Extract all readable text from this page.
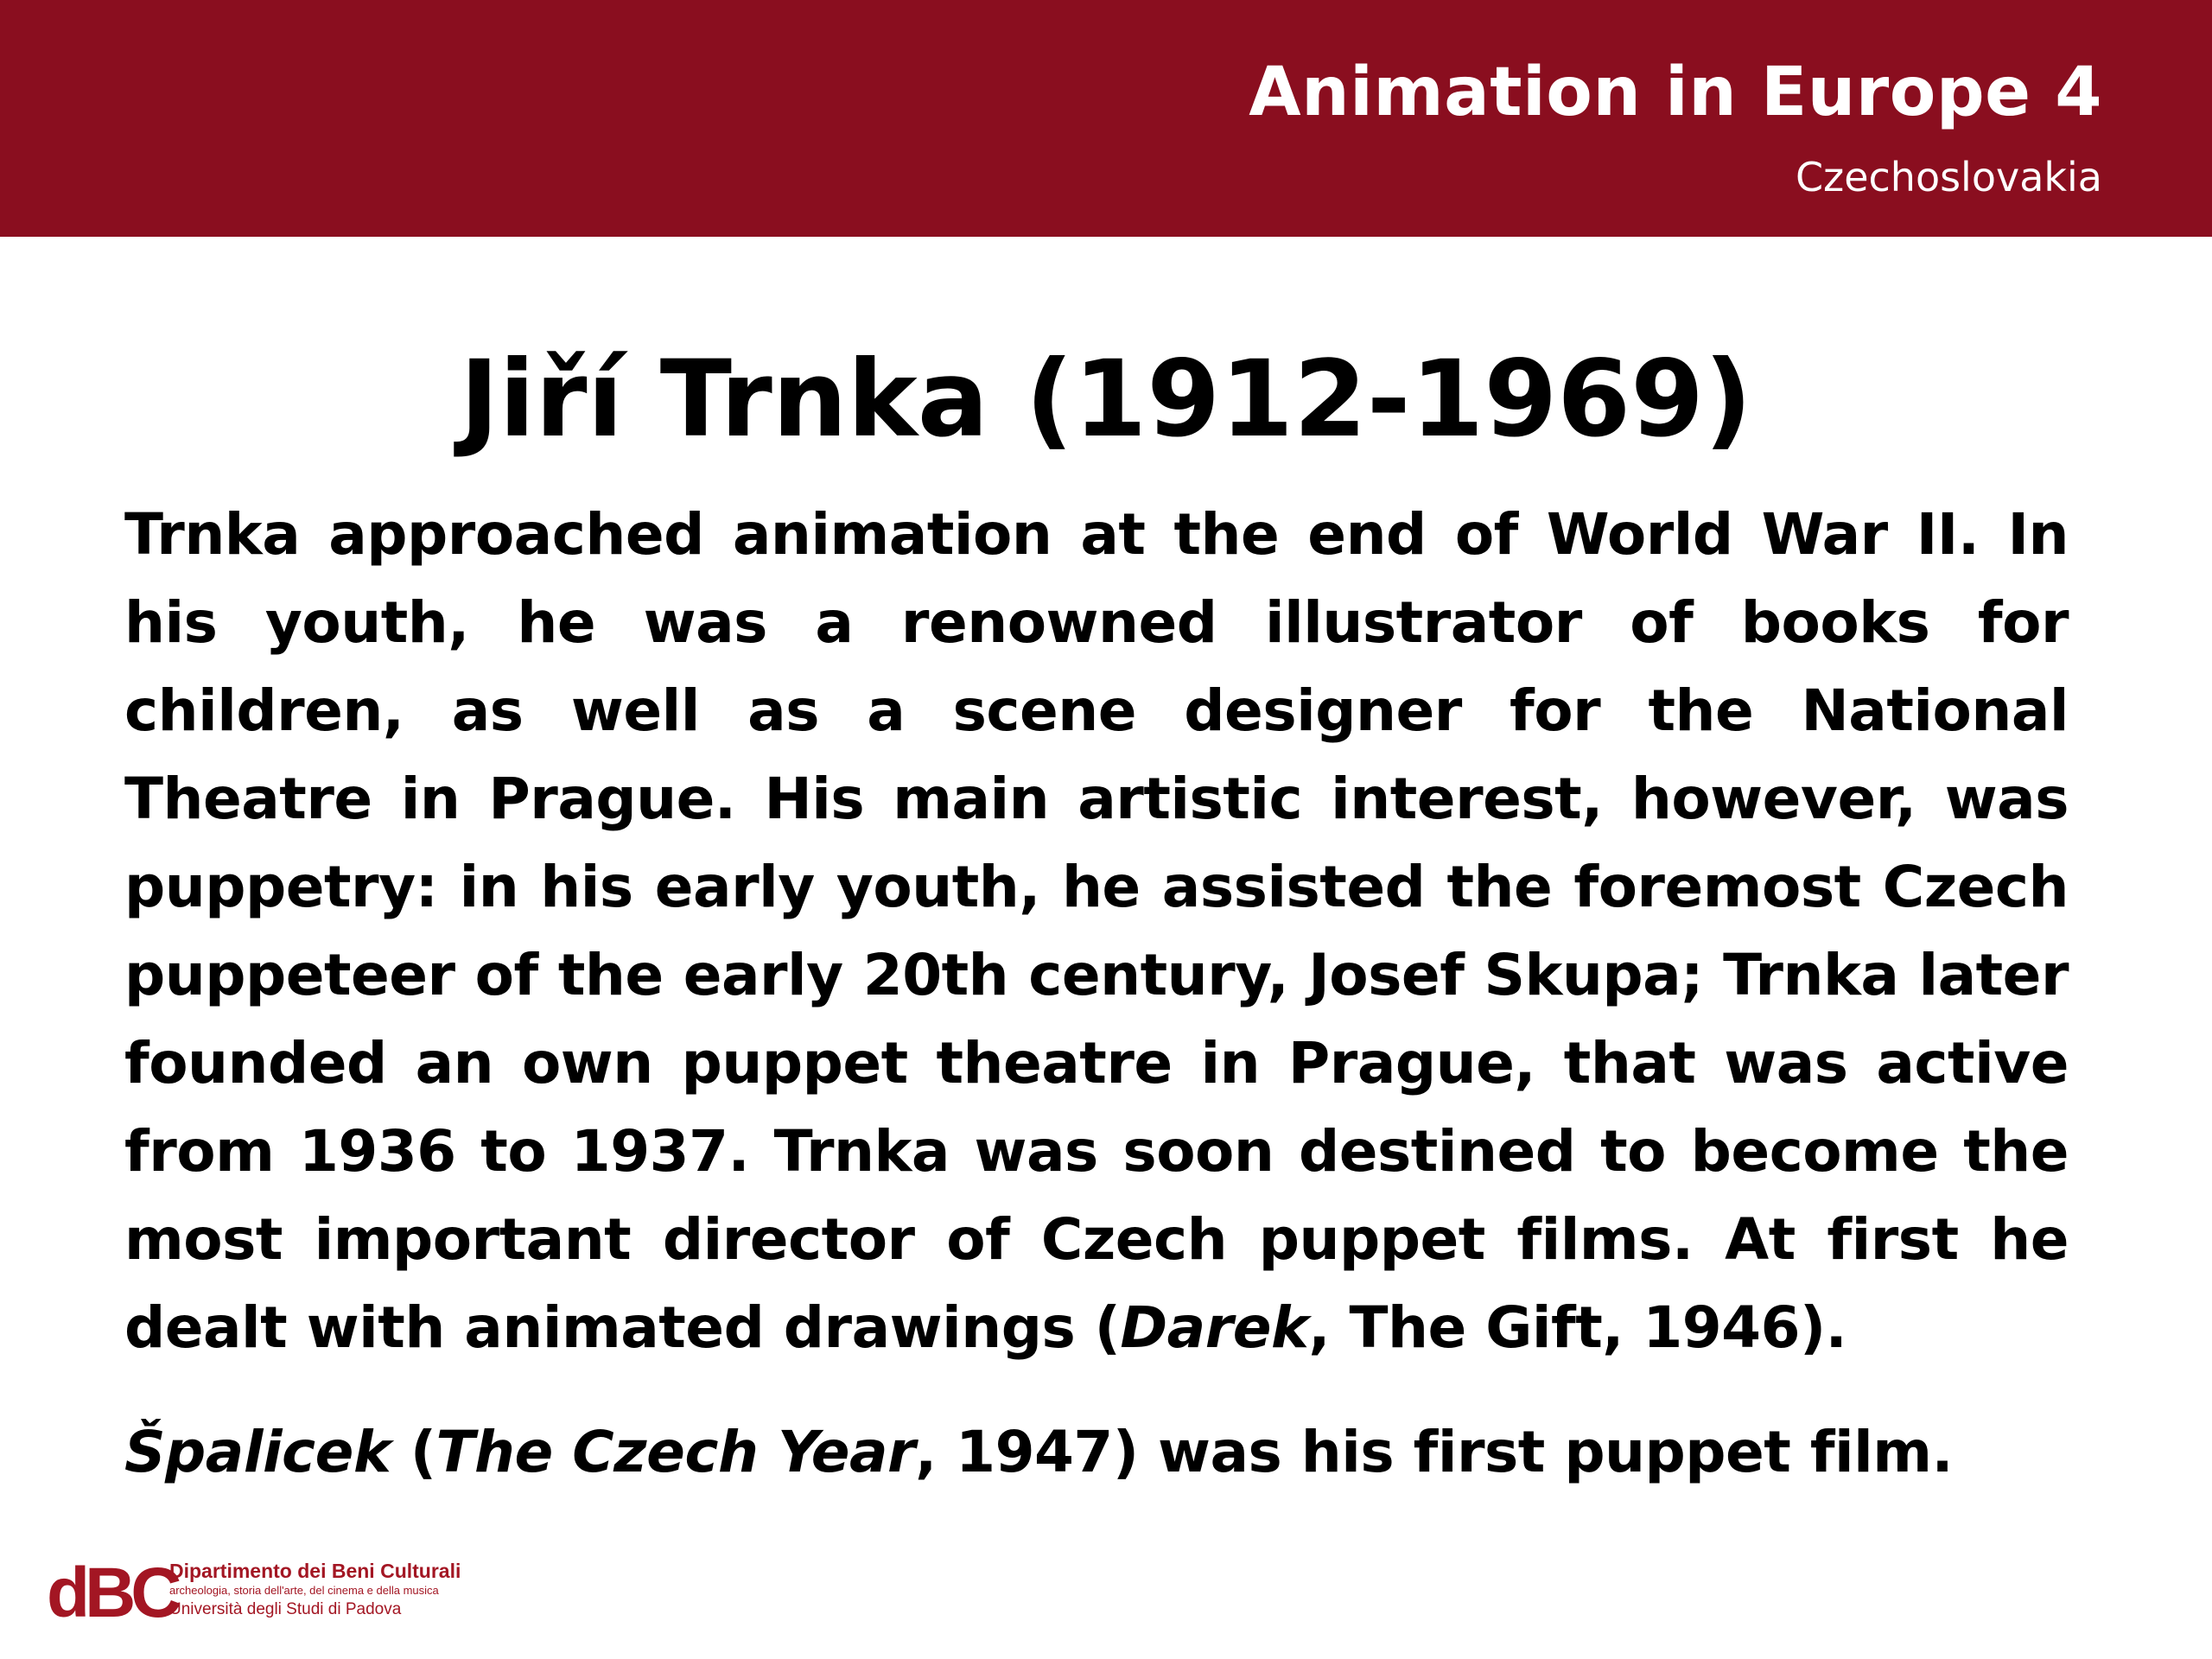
Animation in Europe 4
Czechoslovakia
Jiří Trnka (1912-1969)

Trnka approached animation at the end of World War II. In his youth, he was a renowned illustrator of books for children, as well as a scene designer for the National Theatre in Prague. His main artistic interest, however, was puppetry: in his early youth, he assisted the foremost Czech puppeteer of the early 20th century, Josef Skupa; Trnka later founded an own puppet theatre in Prague, that was active from 1936 to 1937. Trnka was soon destined to become the most important director of Czech puppet films. At first he dealt with animated drawings (Darek, The Gift, 1946).

Špalicek (The Czech Year, 1947) was his first puppet film.

dBC
Dipartimento dei Beni Culturali
archeologia, storia dell'arte, del cinema e della musica
Università degli Studi di Padova
